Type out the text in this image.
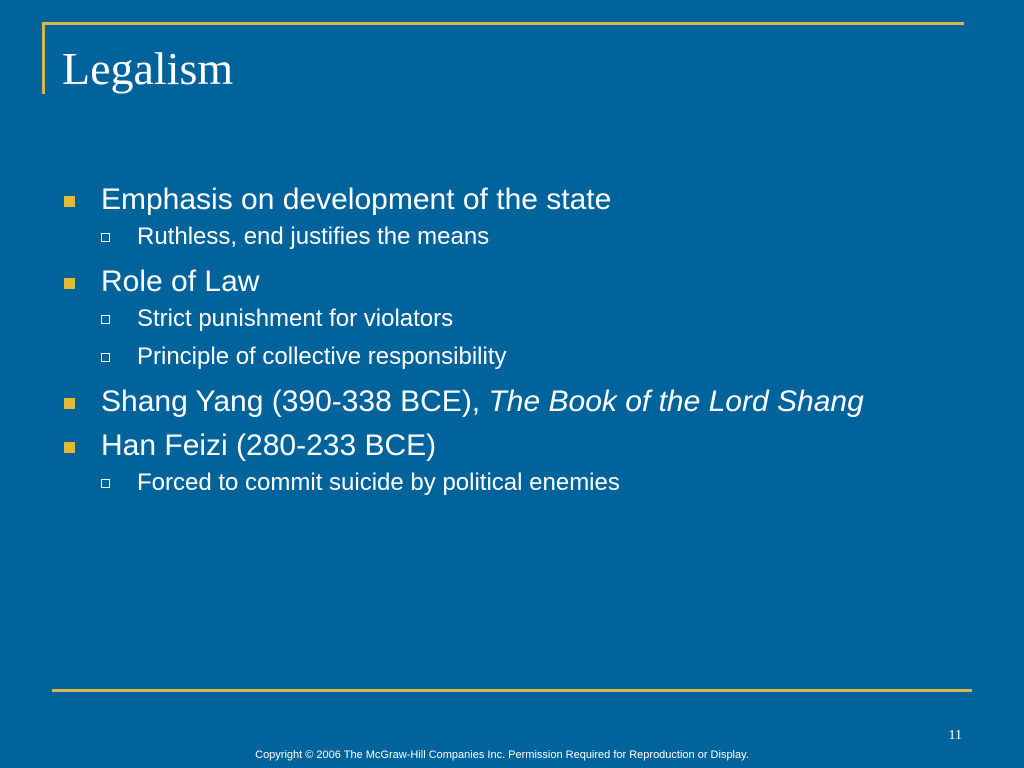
Legalism
Emphasis on development of the state
Ruthless, end justifies the means
Role of Law
Strict punishment for violators
Principle of collective responsibility
Shang Yang (390-338 BCE), The Book of the Lord Shang
Han Feizi (280-233 BCE)
Forced to commit suicide by political enemies
11
Copyright © 2006 The McGraw-Hill Companies Inc. Permission Required for Reproduction or Display.
